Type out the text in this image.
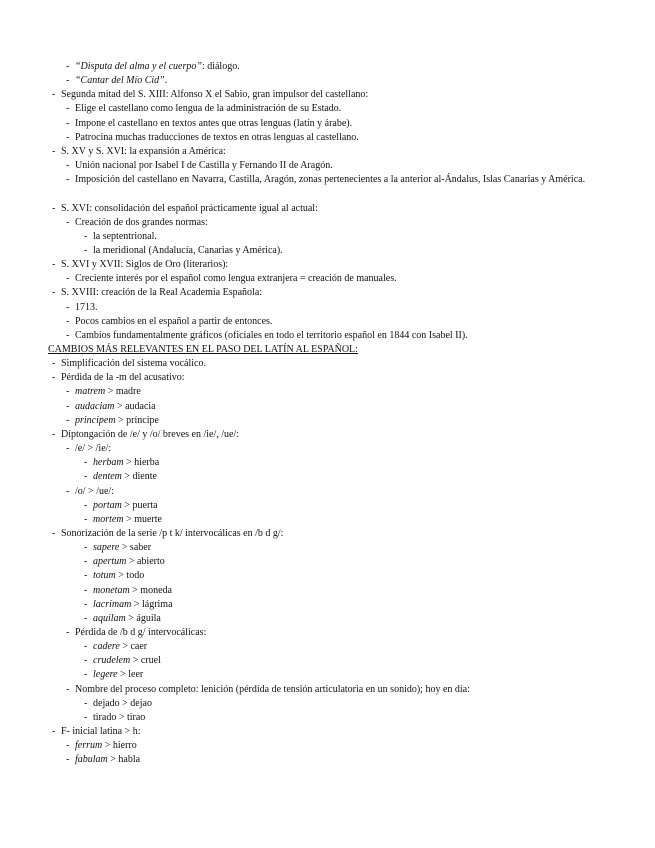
- “Disputa del alma y el cuerpo”: diálogo.
- “Cantar del Mío Cid”.
- Segunda mitad del S. XIII: Alfonso X el Sabio, gran impulsor del castellano:
- Elige el castellano como lengua de la administración de su Estado.
- Impone el castellano en textos antes que otras lenguas (latín y árabe).
- Patrocina muchas traducciones de textos en otras lenguas al castellano.
- S. XV y S. XVI: la expansión a América:
- Unión nacional por Isabel I de Castilla y Fernando II de Aragón.
- Imposición del castellano en Navarra, Castilla, Aragón, zonas pertenecientes a la anterior al-Ándalus, Islas Canarias y América.
- S. XVI: consolidación del español prácticamente igual al actual:
- Creación de dos grandes normas:
- la septentrional.
- la meridional (Andalucía, Canarias y América).
- S. XVI y XVII: Siglos de Oro (literarios):
- Creciente interés por el español como lengua extranjera = creación de manuales.
- S. XVIII: creación de la Real Academia Española:
- 1713.
- Pocos cambios en el español a partir de entonces.
- Cambios fundamentalmente gráficos (oficiales en todo el territorio español en 1844 con Isabel II).
CAMBIOS MÁS RELEVANTES EN EL PASO DEL LATÍN AL ESPAÑOL:
- Simplificación del sistema vocálico.
- Pérdida de la -m del acusativo:
- matrem > madre
- audaciam > audacia
- principem > príncipe
- Diptongación de /e/ y /o/ breves en /ie/, /ue/:
- /e/ > /ie/:
- herbam > hierba
- dentem > diente
- /o/ > /ue/:
- portam > puerta
- mortem > muerte
- Sonorización de la serie /p t k/ intervocálicas en /b d g/:
- sapere > saber
- apertum > abierto
- totum > todo
- monetam > moneda
- lacrimam > lágrima
- aquilam > águila
- Pérdida de /b d g/ intervocálicas:
- cadere > caer
- crudelem > cruel
- legere > leer
- Nombre del proceso completo: lenición (pérdida de tensión articulatoria en un sonido); hoy en día:
- dejado > dejao
- tirado > tirao
- F- inicial latina > h:
- ferrum > hierro
- fabulam > habla
